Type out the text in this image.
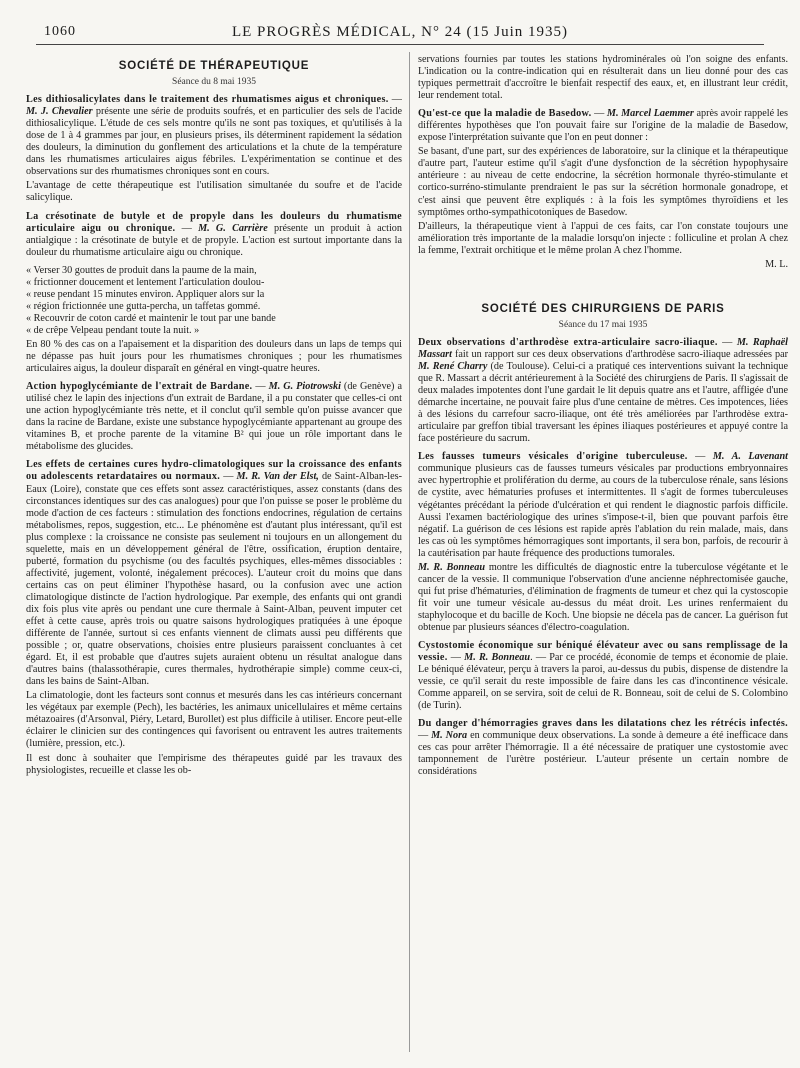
1060	LE PROGRÈS MÉDICAL, N° 24 (15 Juin 1935)
SOCIÉTÉ DE THÉRAPEUTIQUE
Séance du 8 mai 1935

Les dithiosalicylates dans le traitement des rhumatismes aigus et chroniques. — M. J. Chevalier présente une série de produits soufrés, et en particulier des sels de l'acide dithiosalicylique. L'étude de ces sels montre qu'ils ne sont pas toxiques, et qu'utilisés à la dose de 1 à 4 grammes par jour, en plusieurs prises, ils déterminent rapidement la sédation des douleurs, la diminution du gonflement des articulations et la chute de la température dans les rhumatismes articulaires aigus fébriles. L'expérimentation se continue et des observations sur des rhumatismes chroniques sont en cours.

L'avantage de cette thérapeutique est l'utilisation simultanée du soufre et de l'acide salicylique.

La crésotinate de butyle et de propyle dans les douleurs du rhumatisme articulaire aigu ou chronique. — M. G. Carrière présente un produit à action antialgique : la crésotinate de butyle et de propyle. L'action est surtout importante dans la douleur du rhumatisme articulaire aigu ou chronique.

« Verser 30 gouttes de produit dans la paume de la main,

« frictionner doucement et lentement l'articulation doulou-

« reuse pendant 15 minutes environ. Appliquer alors sur la

« région frictionnée une gutta-percha, un taffetas gommé.

« Recouvrir de coton cardé et maintenir le tout par une bande

« de crêpe Velpeau pendant toute la nuit. »

En 80 % des cas on a l'apaisement et la disparition des douleurs dans un laps de temps qui ne dépasse pas huit jours pour les rhumatismes chroniques ; pour les rhumatismes articulaires aigus, la douleur disparaît en général en vingt-quatre heures.

Action hypoglycémiante de l'extrait de Bardane. — M. G. Piotrowski (de Genève) a utilisé chez le lapin des injections d'un extrait de Bardane, il a pu constater que celles-ci ont une action hypoglycémiante très nette, et il conclut qu'il semble qu'on puisse avancer que dans la racine de Bardane, existe une substance hypoglycémiante appartenant au groupe des vitamines B, et proche parente de la vitamine B² qui joue un rôle important dans le métabolisme des glucides.

Les effets de certaines cures hydro-climatologiques sur la croissance des enfants ou adolescents retardataires ou normaux. — M. R. Van der Elst, de Saint-Alban-les-Eaux (Loire), constate que ces effets sont assez caractéristiques, assez constants (dans des circonstances identiques sur des cas analogues) pour que l'on puisse se poser le problème du mode d'action de ces facteurs : stimulation des fonctions endocrines, régulation de certains métabolismes, repos, suggestion, etc... Le phénomène est d'autant plus intéressant, qu'il est plus complexe : la croissance ne consiste pas seulement ni toujours en un allongement du squelette, mais en un développement général de l'être, ossification, éruption dentaire, puberté, formation du psychisme (ou des facultés psychiques, elles-mêmes dissociables : affectivité, jugement, volonté, inégalement précoces). L'auteur croit du moins que dans certains cas on peut éliminer l'hypothèse hasard, ou la confusion avec une action climatologique distincte de l'action hydrologique. Par exemple, des enfants qui ont grandi dix fois plus vite après ou pendant une cure thermale à Saint-Alban, peuvent imputer cet effet à cette cause, après trois ou quatre saisons hydrologiques pratiquées à une époque différente de l'année, surtout si ces enfants viennent de climats aussi peu différents que possible ; or, quatre observations, choisies entre plusieurs paraissent concluantes à cet égard. Et, il est probable que d'autres sujets auraient obtenu un résultat analogue dans d'autres bains (thalassothérapie, cures thermales, hydrothérapie simple) comme ceux-ci, dans les bains de Saint-Alban.

La climatologie, dont les facteurs sont connus et mesurés dans les cas intérieurs concernant les végétaux par exemple (Pech), les bactéries, les animaux unicellulaires et même certains métazoaires (d'Arsonval, Piéry, Letard, Burollet) est plus difficile à utiliser. Encore peut-elle éclairer le clinicien sur des contingences qui favorisent ou entravent les autres traitements (lumière, pression, etc.).

Il est donc à souhaiter que l'empirisme des thérapeutes guidé par les travaux des physiologistes, recueille et classe les ob-

servations fournies par toutes les stations hydrominérales où l'on soigne des enfants. L'indication ou la contre-indication qui en résulterait dans un lieu donné pour des cas typiques permettrait d'accroître le bienfait respectif des eaux, et, en illustrant leur crédit, leur rendement total.

Qu'est-ce que la maladie de Basedow. — M. Marcel Laemmer après avoir rappelé les différentes hypothèses que l'on pouvait faire sur l'origine de la maladie de Basedow, expose l'interprétation suivante que l'on en peut donner :

Se basant, d'une part, sur des expériences de laboratoire, sur la clinique et la thérapeutique d'autre part, l'auteur estime qu'il s'agit d'une dysfonction de la sécrétion hypophysaire antérieure : au niveau de cette endocrine, la sécrétion hormonale thyréo-stimulante et cortico-surréno-stimulante prendraient le pas sur la sécrétion hormonale gonadrope, et c'est ainsi que peuvent être expliqués : à la fois les symptômes thyroïdiens et les symptômes ortho-sympathicotoniques de Basedow.

D'ailleurs, la thérapeutique vient à l'appui de ces faits, car l'on constate toujours une amélioration très importante de la maladie lorsqu'on injecte : folliculine et prolan A chez la femme, l'extrait orchitique et le même prolan A chez l'homme.

M. L.

SOCIÉTÉ DES CHIRURGIENS DE PARIS
Séance du 17 mai 1935

Deux observations d'arthrodèse extra-articulaire sacro-iliaque. — M. Raphaël Massart fait un rapport sur ces deux observations d'arthrodèse sacro-iliaque adressées par M. René Charry (de Toulouse). Celui-ci a pratiqué ces interventions suivant la technique que R. Massart a décrit antérieurement à la Société des chirurgiens de Paris. Il s'agissait de deux malades impotentes dont l'une gardait le lit depuis quatre ans et l'autre, affligée d'une démarche incertaine, ne pouvait faire plus d'une centaine de mètres. Ces impotences, liées à des lésions du carrefour sacro-iliaque, ont été très améliorées par l'arthrodèse extra-articulaire par greffon tibial traversant les épines iliaques postérieures et appuyé contre la face postérieure du sacrum.

Les fausses tumeurs vésicales d'origine tuberculeuse. — M. A. Lavenant communique plusieurs cas de fausses tumeurs vésicales par productions embryonnaires avec hypertrophie et prolifération du derme, au cours de la tuberculose rénale, sans lésions de cystite, avec hématuries profuses et intermittentes. Il s'agit de formes tuberculeuses végétantes précédant la période d'ulcération et qui rendent le diagnostic parfois difficile. Aussi l'examen bactériologique des urines s'impose-t-il, bien que pouvant parfois être négatif. La guérison de ces lésions est rapide après l'ablation du rein malade, mais, dans les cas où les symptômes hémorragiques sont importants, il sera bon, parfois, de recourir à la cautérisation par haute fréquence des productions tumorales.

M. R. Bonneau montre les difficultés de diagnostic entre la tuberculose végétante et le cancer de la vessie. Il communique l'observation d'une ancienne néphrectomisée gauche, qui fut prise d'hématuries, d'élimination de fragments de tumeur et chez qui la cystoscopie fit voir une tumeur vésicale au-dessus du méat droit. Les urines renfermaient du staphylocoque et du bacille de Koch. Une biopsie ne décela pas de cancer. La guérison fut obtenue par plusieurs séances d'électro-coagulation.

Cystostomie économique sur béniqué élévateur avec ou sans remplissage de la vessie. — M. R. Bonneau. — Par ce procédé, économie de temps et économie de plaie. Le béniqué élévateur, perçu à travers la paroi, au-dessus du pubis, dispense de distendre la vessie, ce qu'il serait du reste impossible de faire dans les cas d'incontinence vésicale. Comme appareil, on se servira, soit de celui de R. Bonneau, soit de celui de S. Colombino (de Turin).

Du danger d'hémorragies graves dans les dilatations chez les rétrécis infectés. — M. Nora en communique deux observations. La sonde à demeure a été inefficace dans ces cas pour arrêter l'hémorragie. Il a été nécessaire de pratiquer une cystostomie avec tamponnement de l'urètre postérieur. L'auteur présente un certain nombre de considérations
